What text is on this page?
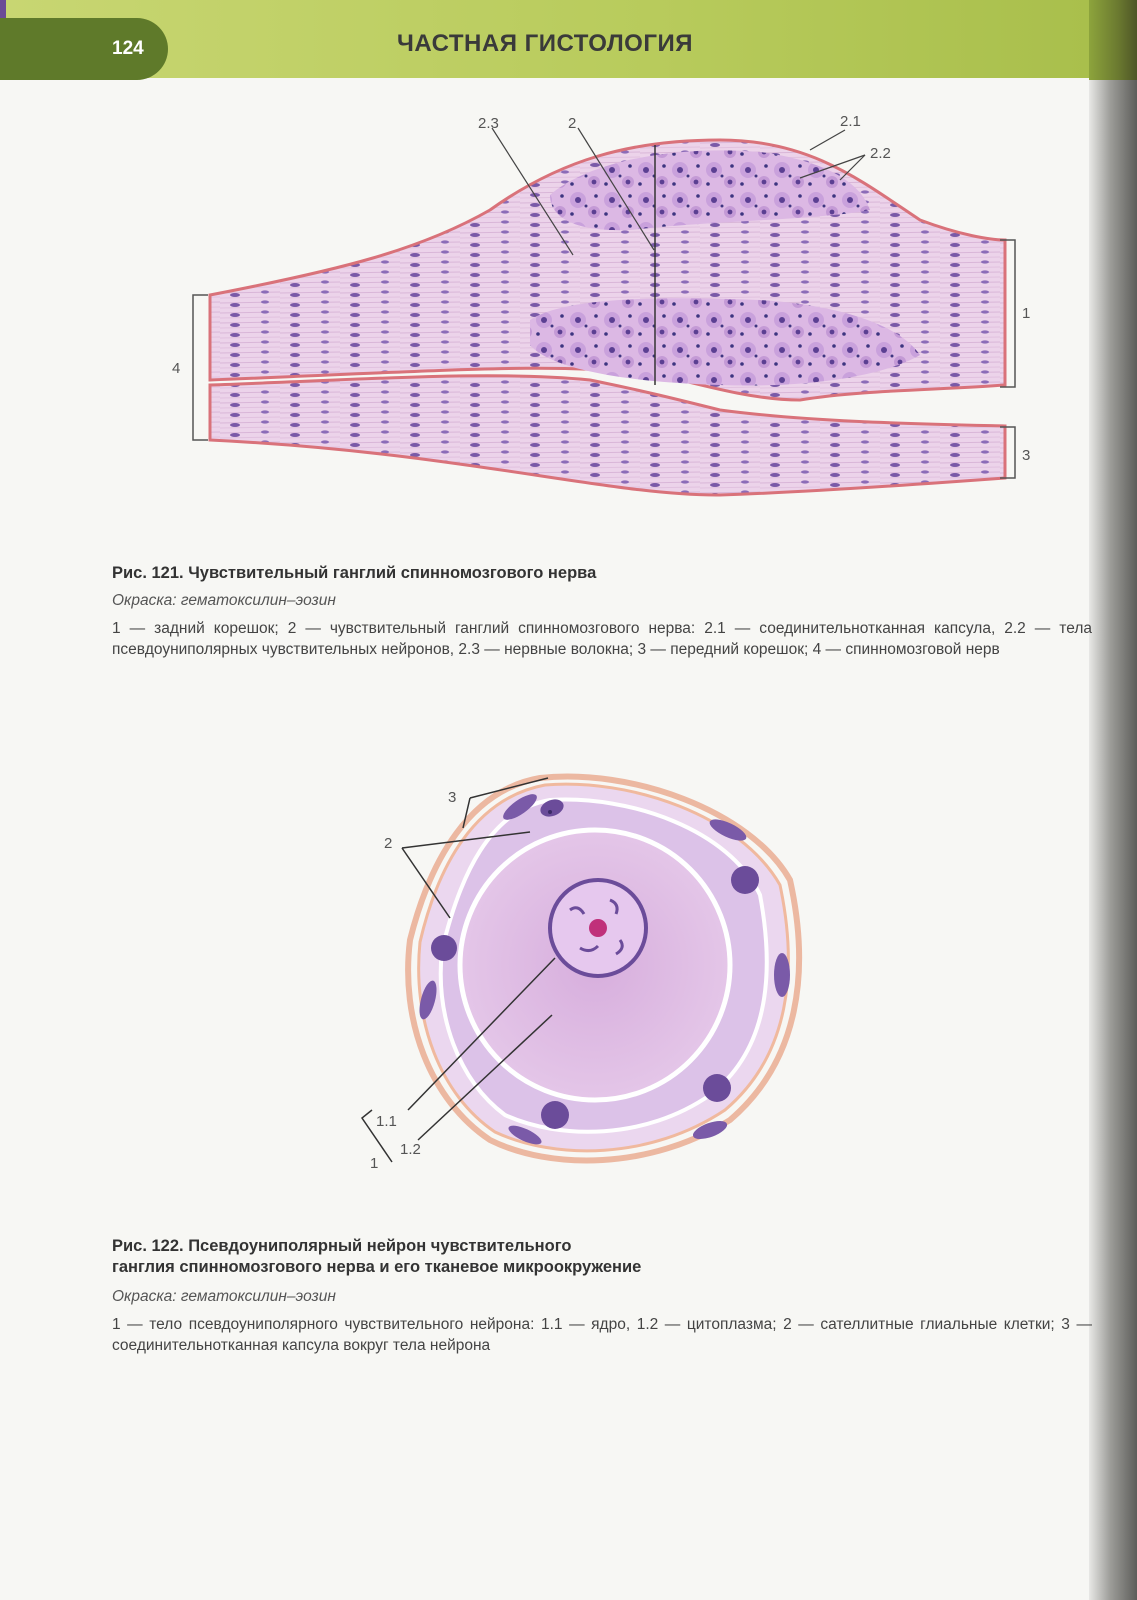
124	ЧАСТНАЯ ГИСТОЛОГИЯ
2.3	2	2.1
2.2
1
3
4

Рис. 121. Чувствительный ганглий спинномозгового нерва

Окраска: гематоксилин–эозин

1 — задний корешок; 2 — чувствительный ганглий спинномозгового нерва: 2.1 — соединительнотканная капсула, 2.2 — тела псевдоуниполярных чувствительных нейронов, 2.3 — нервные волокна; 3 — передний корешок; 4 — спинномозговой нерв

3
2
1.1
1.2
1

Рис. 122. Псевдоуниполярный нейрон чувствительного
ганглия спинномозгового нерва и его тканевое микроокружение

Окраска: гематоксилин–эозин

1 — тело псевдоуниполярного чувствительного нейрона: 1.1 — ядро, 1.2 — цитоплазма; 2 — сателлитные глиальные клетки; 3 — соединительнотканная капсула вокруг тела нейрона
